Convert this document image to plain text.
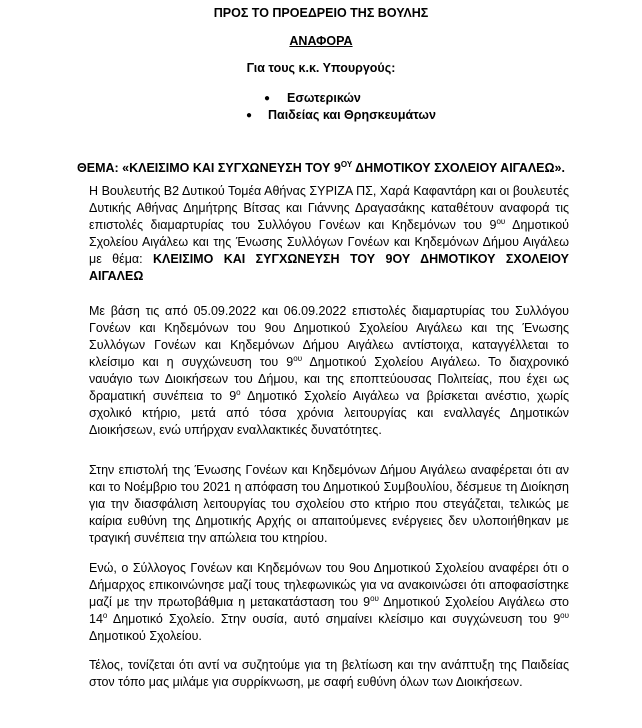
ΠΡΟΣ ΤΟ ΠΡΟΕΔΡΕΙΟ ΤΗΣ ΒΟΥΛΗΣ
ΑΝΑΦΟΡΑ
Για τους κ.κ. Υπουργούς:
● Εσωτερικών
● Παιδείας και Θρησκευμάτων
ΘΕΜΑ: «ΚΛΕΙΣΙΜΟ ΚΑΙ ΣΥΓΧΩΝΕΥΣΗ ΤΟΥ $9^{O\Upsilon}$ ΔΗΜΟΤΙΚΟΥ ΣΧΟΛΕΙΟΥ ΑΙΓΑΛΕΩ».

Η Βουλευτής Β2 Δυτικού Τομέα Αθήνας ΣΥΡΙΖΑ ΠΣ, Χαρά Καφαντάρη και οι βουλευτές Δυτικής Αθήνας Δημήτρης Βίτσας και Γιάννης Δραγασάκης καταθέτουν αναφορά τις επιστολές διαμαρτυρίας του Συλλόγου Γονέων και Κηδεμόνων του $9^{o\upsilon}$ Δημοτικού Σχολείου Αιγάλεω και της Ένωσης Συλλόγων Γονέων και Κηδεμόνων Δήμου Αιγάλεω με θέμα: ΚΛΕΙΣΙΜΟ ΚΑΙ ΣΥΓΧΩΝΕΥΣΗ ΤΟΥ 9ΟΥ ΔΗΜΟΤΙΚΟΥ ΣΧΟΛΕΙΟΥ ΑΙΓΑΛΕΩ

Με βάση τις από 05.09.2022 και 06.09.2022 επιστολές διαμαρτυρίας του Συλλόγου Γονέων και Κηδεμόνων του 9ου Δημοτικού Σχολείου Αιγάλεω και της Ένωσης Συλλόγων Γονέων και Κηδεμόνων Δήμου Αιγάλεω αντίστοιχα, καταγγέλλεται το κλείσιμο και η συγχώνευση του $9^{o\upsilon}$ Δημοτικού Σχολείου Αιγάλεω. Το διαχρονικό ναυάγιο των Διοικήσεων του Δήμου, και της εποπτεύουσας Πολιτείας, που έχει ως δραματική συνέπεια το $9^o$ Δημοτικό Σχολείο Αιγάλεω να βρίσκεται ανέστιο, χωρίς σχολικό κτήριο, μετά από τόσα χρόνια λειτουργίας και εναλλαγές Δημοτικών Διοικήσεων, ενώ υπήρχαν εναλλακτικές δυνατότητες.

Στην επιστολή της Ένωσης Γονέων και Κηδεμόνων Δήμου Αιγάλεω αναφέρεται ότι αν και το Νοέμβριο του 2021 η απόφαση του Δημοτικού Συμβουλίου, δέσμευε τη Διοίκηση για την διασφάλιση λειτουργίας του σχολείου στο κτήριο που στεγάζεται, τελικώς με καίρια ευθύνη της Δημοτικής Αρχής οι απαιτούμενες ενέργειες δεν υλοποιήθηκαν με τραγική συνέπεια την απώλεια του κτηρίου.

Ενώ, ο Σύλλογος Γονέων και Κηδεμόνων του 9ου Δημοτικού Σχολείου αναφέρει ότι ο Δήμαρχος επικοινώνησε μαζί τους τηλεφωνικώς για να ανακοινώσει ότι αποφασίστηκε μαζί με την πρωτοβάθμια η μετακατάσταση του $9^{o\upsilon}$ Δημοτικού Σχολείου Αιγάλεω στο $14^o$ Δημοτικό Σχολείο. Στην ουσία, αυτό σημαίνει κλείσιμο και συγχώνευση του $9^{o\upsilon}$ Δημοτικού Σχολείου.

Τέλος, τονίζεται ότι αντί να συζητούμε για τη βελτίωση και την ανάπτυξη της Παιδείας στον τόπο μας μιλάμε για συρρίκνωση, με σαφή ευθύνη όλων των Διοικήσεων.
